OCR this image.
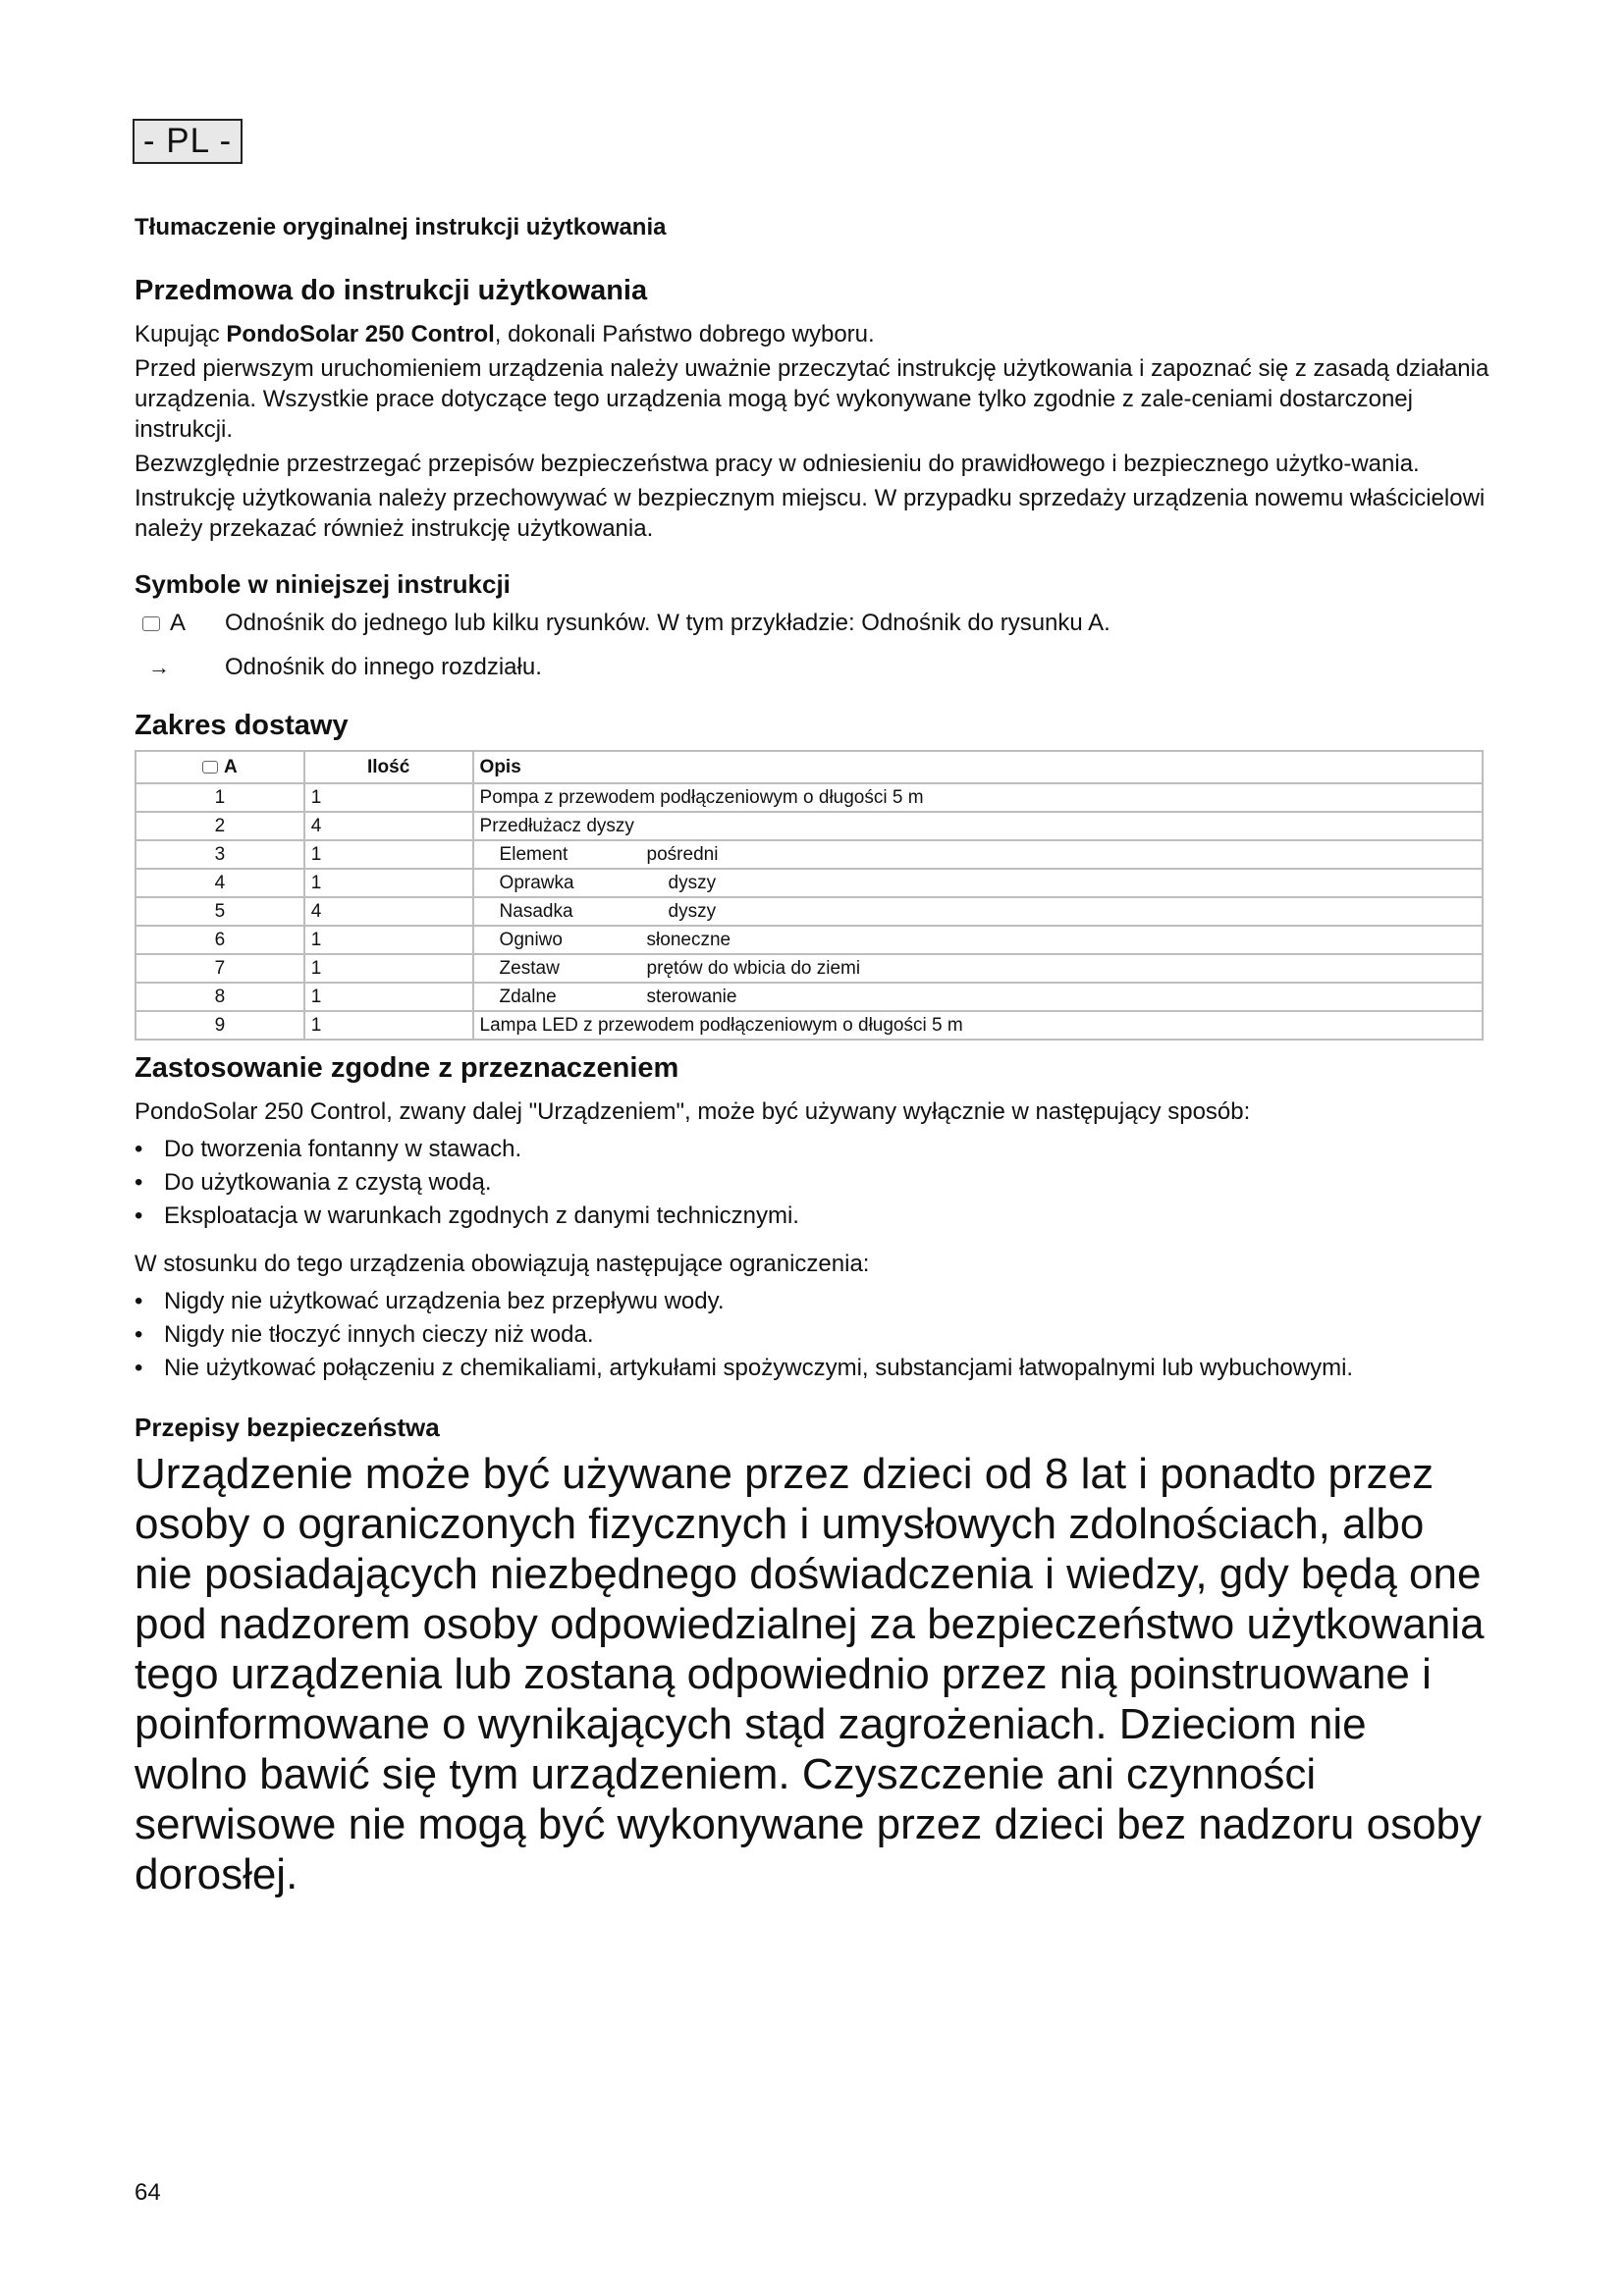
- PL -
Tłumaczenie oryginalnej instrukcji użytkowania
Przedmowa do instrukcji użytkowania

Kupując PondoSolar 250 Control, dokonali Państwo dobrego wyboru.

Przed pierwszym uruchomieniem urządzenia należy uważnie przeczytać instrukcję użytkowania i zapoznać się z zasadą działania urządzenia. Wszystkie prace dotyczące tego urządzenia mogą być wykonywane tylko zgodnie z zale-ceniami dostarczonej instrukcji.

Bezwzględnie przestrzegać przepisów bezpieczeństwa pracy w odniesieniu do prawidłowego i bezpiecznego użytko-wania.

Instrukcję użytkowania należy przechowywać w bezpiecznym miejscu. W przypadku sprzedaży urządzenia nowemu właścicielowi należy przekazać również instrukcję użytkowania.

Symbole w niniejszej instrukcji
A Odnośnik do jednego lub kilku rysunków. W tym przykładzie: Odnośnik do rysunku A.
→ Odnośnik do innego rozdziału.
Zakres dostawy
A	Ilość	Opis
1	1	Pompa z przewodem podłączeniowym o długości 5 m
2	4	Przedłużacz dyszy
3	1	Element pośredni
4	1	Oprawka dyszy
5	4	Nasadka dyszy
6	1	Ogniwo słoneczne
7	1	Zestaw prętów do wbicia do ziemi
8	1	Zdalne sterowanie
9	1	Lampa LED z przewodem podłączeniowym o długości 5 m
Zastosowanie zgodne z przeznaczeniem

PondoSolar 250 Control, zwany dalej "Urządzeniem", może być używany wyłącznie w następujący sposób:

• Do tworzenia fontanny w stawach.
• Do użytkowania z czystą wodą.
• Eksploatacja w warunkach zgodnych z danymi technicznymi.

W stosunku do tego urządzenia obowiązują następujące ograniczenia:

• Nigdy nie użytkować urządzenia bez przepływu wody.
• Nigdy nie tłoczyć innych cieczy niż woda.
• Nie użytkować połączeniu z chemikaliami, artykułami spożywczymi, substancjami łatwopalnymi lub wybuchowymi.
Przepisy bezpieczeństwa

Urządzenie może być używane przez dzieci od 8 lat i ponadto przez osoby o ograniczonych fizycznych i umysłowych zdolnościach, albo nie posiadających niezbędnego doświadczenia i wiedzy, gdy będą one pod nadzorem osoby odpowiedzialnej za bezpieczeństwo użytkowania tego urządzenia lub zostaną odpowiednio przez nią poinstruowane i poinformowane o wynikających stąd zagrożeniach. Dzieciom nie wolno bawić się tym urządzeniem. Czyszczenie ani czynności serwisowe nie mogą być wykonywane przez dzieci bez nadzoru osoby dorosłej.

64
